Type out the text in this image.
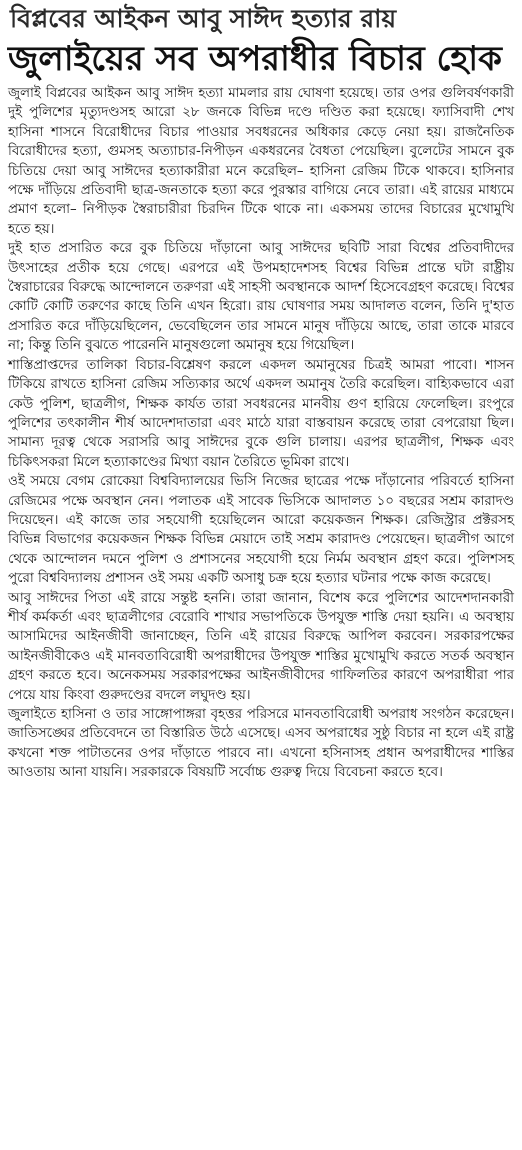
বিপ্লবের আইকন আবু সাঈদ হত্যার রায়
জুলাইয়ের সব অপরাধীর বিচার হোক

জুলাই বিপ্লবের আইকন আবু সাঈদ হত্যা মামলার রায় ঘোষণা হয়েছে। তার ওপর গুলিবর্ষণকারী দুই পুলিশের মৃত্যুদণ্ডসহ আরো ২৮ জনকে বিভিন্ন দণ্ডে দণ্ডিত করা হয়েছে। ফ্যাসিবাদী শেখ হাসিনা শাসনে বিরোধীদের বিচার পাওয়ার সবধরনের অধিকার কেড়ে নেয়া হয়। রাজনৈতিক বিরোধীদের হত্যা, গুমসহ অত্যাচার-নিপীড়ন একধরনের বৈধতা পেয়েছিল। বুলেটের সামনে বুক চিতিয়ে দেয়া আবু সাঈদের হত্যাকারীরা মনে করেছিল– হাসিনা রেজিম টিকে থাকবে। হাসিনার পক্ষে দাঁড়িয়ে প্রতিবাদী ছাত্র-জনতাকে হত্যা করে পুরস্কার বাগিয়ে নেবে তারা। এই রায়ের মাধ্যমে প্রমাণ হলো– নিপীড়ক স্বৈরাচারীরা চিরদিন টিকে থাকে না। একসময় তাদের বিচারের মুখোমুখি হতে হয়।

দুই হাত প্রসারিত করে বুক চিতিয়ে দাঁড়ানো আবু সাঈদের ছবিটি সারা বিশ্বের প্রতিবাদীদের উৎসাহের প্রতীক হয়ে গেছে। এরপরে এই উপমহাদেশসহ বিশ্বের বিভিন্ন প্রান্তে ঘটা রাষ্ট্রীয় স্বৈরাচারের বিরুদ্ধে আন্দোলনে তরুণরা এই সাহসী অবস্থানকে আদর্শ হিসেবেগ্রহণ করেছে। বিশ্বের কোটি কোটি তরুণের কাছে তিনি এখন হিরো। রায় ঘোষণার সময় আদালত বলেন, তিনি দু'হাত প্রসারিত করে দাঁড়িয়েছিলেন, ভেবেছিলেন তার সামনে মানুষ দাঁড়িয়ে আছে, তারা তাকে মারবে না; কিন্তু তিনি বুঝতে পারেননি মানুষগুলো অমানুষ হয়ে গিয়েছিল।

শাস্তিপ্রাপ্তদের তালিকা বিচার-বিশ্লেষণ করলে একদল অমানুষের চিত্রই আমরা পাবো। শাসন টিকিয়ে রাখতে হাসিনা রেজিম সত্যিকার অর্থে একদল অমানুষ তৈরি করেছিল। বাহ্যিকভাবে এরা কেউ পুলিশ, ছাত্রলীগ, শিক্ষক কার্যত তারা সবধরনের মানবীয় গুণ হারিয়ে ফেলেছিল। রংপুরে পুলিশের তৎকালীন শীর্ষ আদেশদাতারা এবং মাঠে যারা বাস্তবায়ন করেছে তারা বেপরোয়া ছিল। সামান্য দূরত্ব থেকে সরাসরি আবু সাঈদের বুকে গুলি চালায়। এরপর ছাত্রলীগ, শিক্ষক এবং চিকিৎসকরা মিলে হত্যাকাণ্ডের মিথ্যা বয়ান তৈরিতে ভূমিকা রাখে।

ওই সময়ে বেগম রোকেয়া বিশ্ববিদ্যালয়ের ভিসি নিজের ছাত্রের পক্ষে দাঁড়ানোর পরিবর্তে হাসিনা রেজিমের পক্ষে অবস্থান নেন। পলাতক এই সাবেক ভিসিকে আদালত ১০ বছরের সশ্রম কারাদণ্ড দিয়েছেন। এই কাজে তার সহযোগী হয়েছিলেন আরো কয়েকজন শিক্ষক। রেজিস্ট্রার প্রক্টরসহ বিভিন্ন বিভাগের কয়েকজন শিক্ষক বিভিন্ন মেয়াদে তাই সশ্রম কারাদণ্ড পেয়েছেন। ছাত্রলীগ আগে থেকে আন্দোলন দমনে পুলিশ ও প্রশাসনের সহযোগী হয়ে নির্মম অবস্থান গ্রহণ করে। পুলিশসহ পুরো বিশ্ববিদ্যালয় প্রশাসন ওই সময় একটি অসাধু চক্র হয়ে হত্যার ঘটনার পক্ষে কাজ করেছে।

আবু সাঈদের পিতা এই রায়ে সন্তুষ্ট হননি। তারা জানান, বিশেষ করে পুলিশের আদেশদানকারী শীর্ষ কর্মকর্তা এবং ছাত্রলীগের বেরোবি শাখার সভাপতিকে উপযুক্ত শাস্তি দেয়া হয়নি। এ অবস্থায় আসামিদের আইনজীবী জানাচ্ছেন, তিনি এই রায়ের বিরুদ্ধে আপিল করবেন। সরকারপক্ষের আইনজীবীকেও এই মানবতাবিরোধী অপরাধীদের উপযুক্ত শাস্তির মুখোমুখি করতে সতর্ক অবস্থান গ্রহণ করতে হবে। অনেকসময় সরকারপক্ষের আইনজীবীদের গাফিলতির কারণে অপরাধীরা পার পেয়ে যায় কিংবা গুরুদণ্ডের বদলে লঘুদণ্ড হয়।

জুলাইতে হাসিনা ও তার সাঙ্গোপাঙ্গরা বৃহত্তর পরিসরে মানবতাবিরোধী অপরাধ সংগঠন করেছেন। জাতিসঙ্ঘের প্রতিবেদনে তা বিস্তারিত উঠে এসেছে। এসব অপরাধের সুষ্ঠু বিচার না হলে এই রাষ্ট্র কখনো শক্ত পাটাতনের ওপর দাঁড়াতে পারবে না। এখনো হসিনাসহ প্রধান অপরাধীদের শাস্তির আওতায় আনা যায়নি। সরকারকে বিষয়টি সর্বোচ্চ গুরুত্ব দিয়ে বিবেচনা করতে হবে।
